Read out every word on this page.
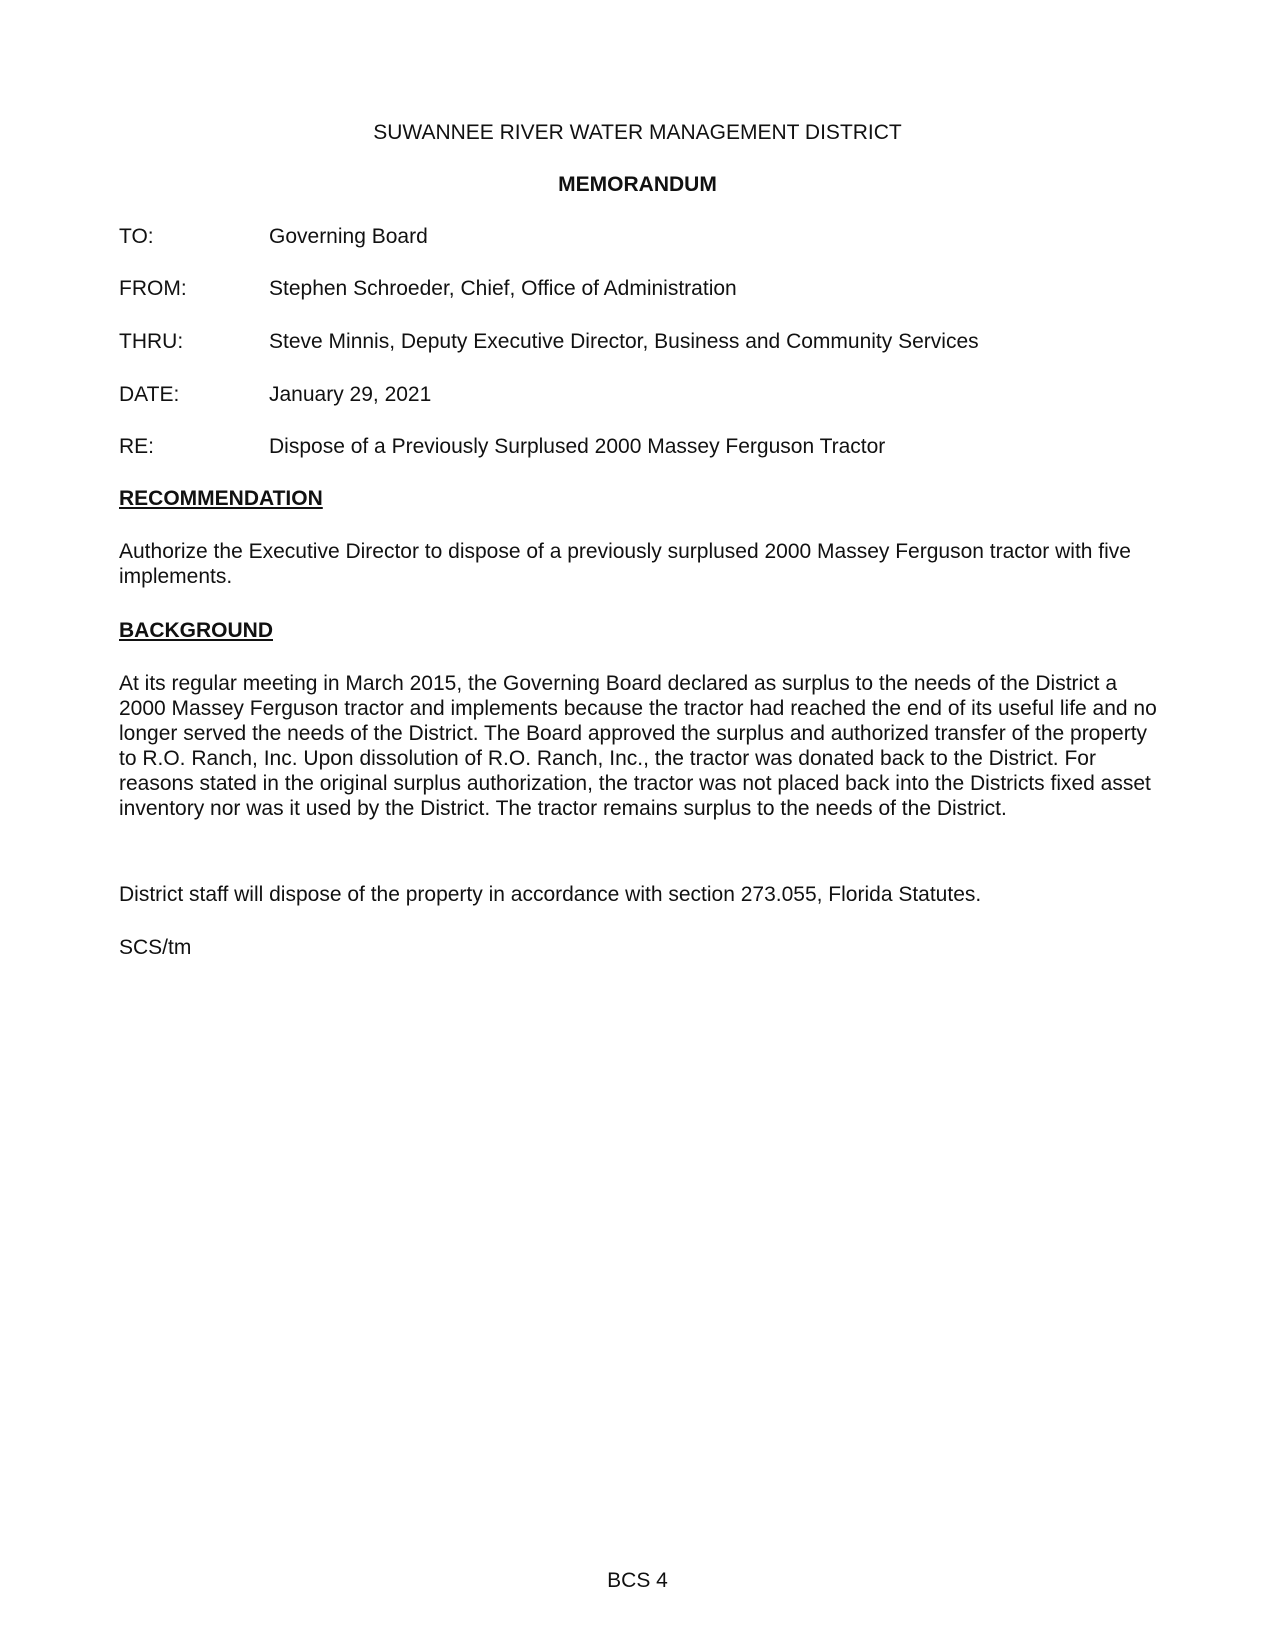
SUWANNEE RIVER WATER MANAGEMENT DISTRICT
MEMORANDUM
TO:	Governing Board
FROM:	Stephen Schroeder, Chief, Office of Administration
THRU:	Steve Minnis, Deputy Executive Director, Business and Community Services
DATE:	January 29, 2021
RE:	Dispose of a Previously Surplused 2000 Massey Ferguson Tractor
RECOMMENDATION

Authorize the Executive Director to dispose of a previously surplused 2000 Massey Ferguson tractor with five implements.

BACKGROUND

At its regular meeting in March 2015, the Governing Board declared as surplus to the needs of the District a 2000 Massey Ferguson tractor and implements because the tractor had reached the end of its useful life and no longer served the needs of the District. The Board approved the surplus and authorized transfer of the property to R.O. Ranch, Inc. Upon dissolution of R.O. Ranch, Inc., the tractor was donated back to the District. For reasons stated in the original surplus authorization, the tractor was not placed back into the Districts fixed asset inventory nor was it used by the District. The tractor remains surplus to the needs of the District.

District staff will dispose of the property in accordance with section 273.055, Florida Statutes.

SCS/tm

BCS 4
